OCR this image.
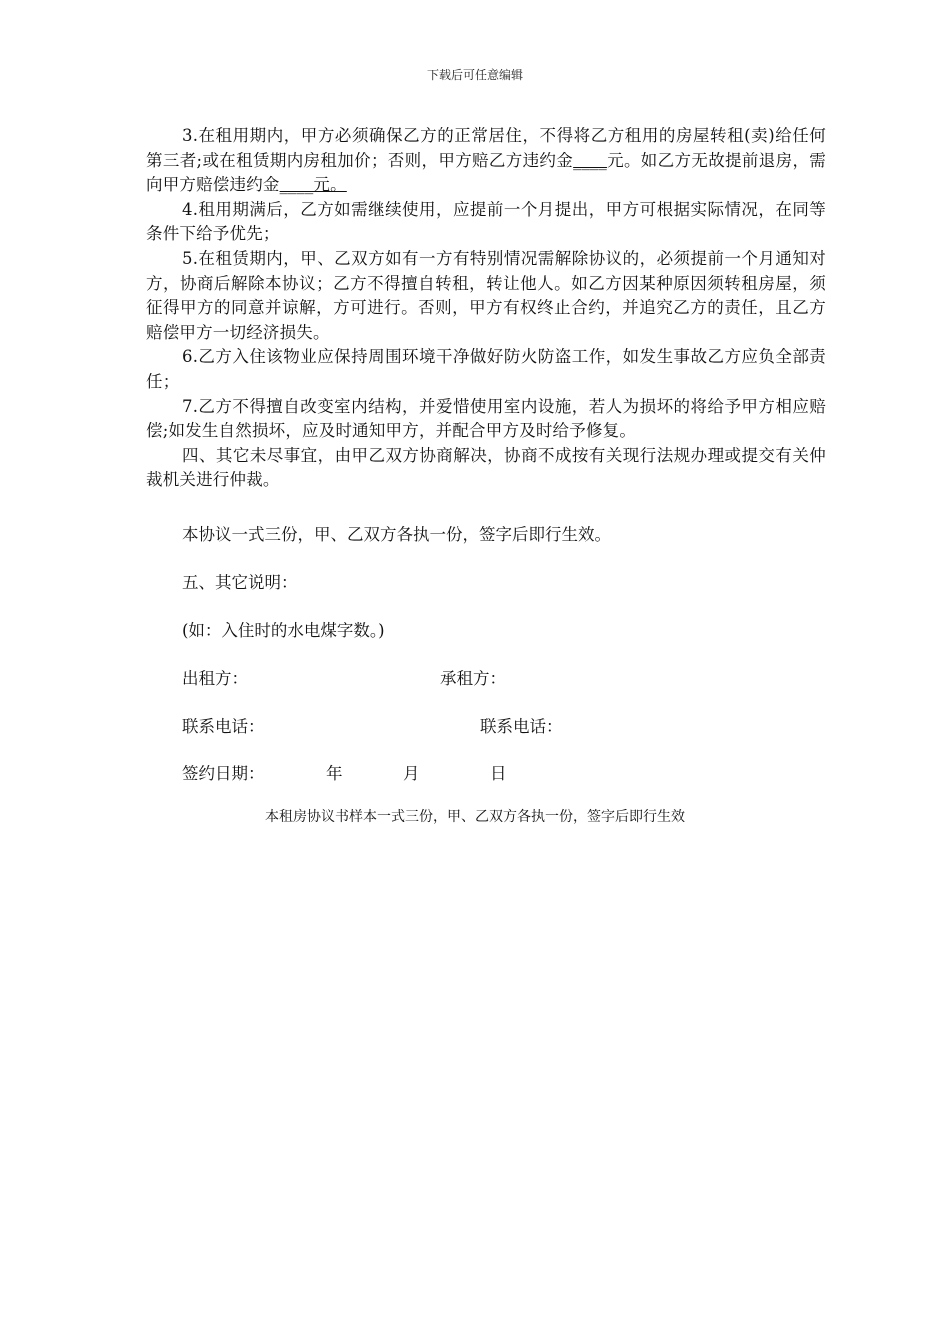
下载后可任意编辑

3.在租用期内，甲方必须确保乙方的正常居住，不得将乙方租用的房屋转租(卖)给任何第三者;或在租赁期内房租加价；否则，甲方赔乙方违约金____元。如乙方无故提前退房，需向甲方赔偿违约金____元。

4.租用期满后，乙方如需继续使用，应提前一个月提出，甲方可根据实际情况，在同等条件下给予优先；

5.在租赁期内，甲、乙双方如有一方有特别情况需解除协议的，必须提前一个月通知对方，协商后解除本协议；乙方不得擅自转租，转让他人。如乙方因某种原因须转租房屋，须征得甲方的同意并谅解，方可进行。否则，甲方有权终止合约，并追究乙方的责任，且乙方赔偿甲方一切经济损失。

6.乙方入住该物业应保持周围环境干净做好防火防盗工作，如发生事故乙方应负全部责任；

7.乙方不得擅自改变室内结构，并爱惜使用室内设施，若人为损坏的将给予甲方相应赔偿;如发生自然损坏，应及时通知甲方，并配合甲方及时给予修复。

四、其它未尽事宜，由甲乙双方协商解决，协商不成按有关现行法规办理或提交有关仲裁机关进行仲裁。

本协议一式三份，甲、乙双方各执一份，签字后即行生效。
五、其它说明：
(如：入住时的水电煤字数。)
出租方：	承租方：
联系电话：	联系电话：
签约日期：	年	月	日
本租房协议书样本一式三份，甲、乙双方各执一份，签字后即行生效
